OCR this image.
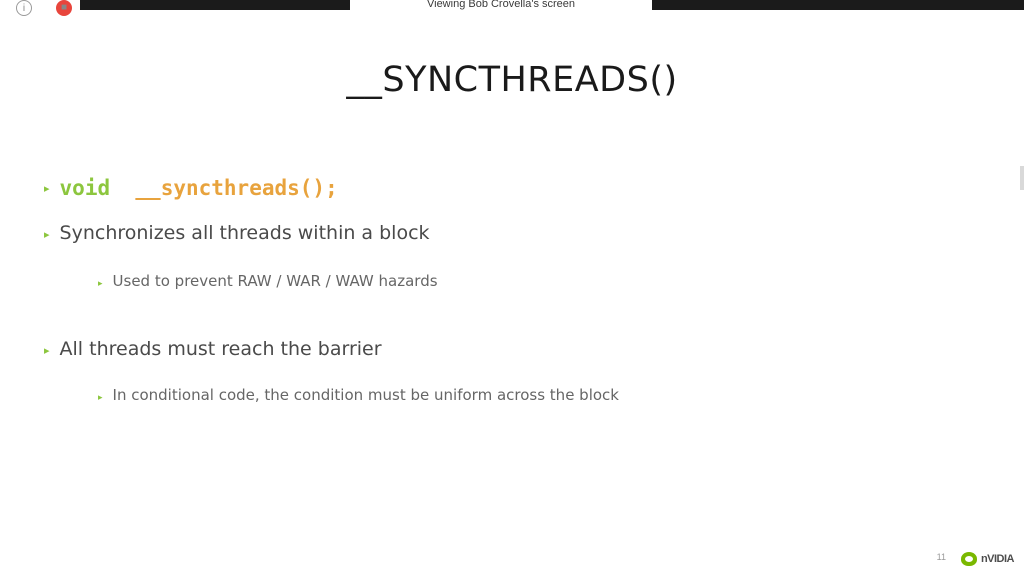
i	■	Viewing Bob Crovella's screen
__SYNCTHREADS()
▸ void __syncthreads();
▸ Synchronizes all threads within a block
▸ Used to prevent RAW / WAR / WAW hazards
▸ All threads must reach the barrier
▸ In conditional code, the condition must be uniform across the block
11	nVIDIA
